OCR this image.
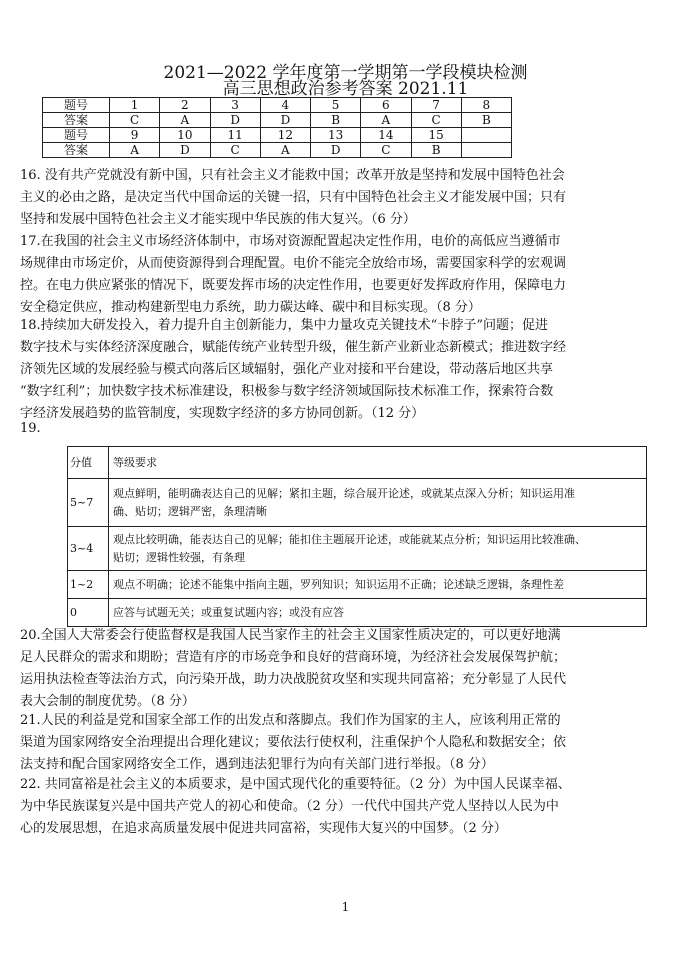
2021—2022 学年度第一学期第一学段模块检测
高三思想政治参考答案 2021.11
题号	1	2	3	4	5	6	7	8
答案	C	A	D	D	B	A	C	B
题号	9	10	11	12	13	14	15	
答案	A	D	C	A	D	C	B	
16. 没有共产党就没有新中国，只有社会主义才能救中国；改革开放是坚持和发展中国特色社会
主义的必由之路，是决定当代中国命运的关键一招，只有中国特色社会主义才能发展中国；只有
坚持和发展中国特色社会主义才能实现中华民族的伟大复兴。（6 分）
17.在我国的社会主义市场经济体制中，市场对资源配置起决定性作用，电价的高低应当遵循市
场规律由市场定价，从而使资源得到合理配置。电价不能完全放给市场，需要国家科学的宏观调
控。在电力供应紧张的情况下，既要发挥市场的决定性作用，也要更好发挥政府作用，保障电力
安全稳定供应，推动构建新型电力系统，助力碳达峰、碳中和目标实现。（8 分）
18.持续加大研发投入，着力提升自主创新能力，集中力量攻克关键技术“卡脖子”问题；促进
数字技术与实体经济深度融合，赋能传统产业转型升级，催生新产业新业态新模式；推进数字经
济领先区域的发展经验与模式向落后区域辐射，强化产业对接和平台建设，带动落后地区共享
“数字红利”；加快数字技术标准建设，积极参与数字经济领域国际技术标准工作，探索符合数
字经济发展趋势的监管制度，实现数字经济的多方协同创新。（12 分）
19.
分值	等级要求
5~7	观点鲜明，能明确表达自己的见解；紧扣主题，综合展开论述，或就某点深入分析；知识运用准
确、贴切；逻辑严密，条理清晰

3~4	观点比较明确，能表达自己的见解；能扣住主题展开论述，或能就某点分析；知识运用比较准确、
贴切；逻辑性较强，有条理

1~2	观点不明确；论述不能集中指向主题，罗列知识；知识运用不正确；论述缺乏逻辑，条理性差

0	应答与试题无关；或重复试题内容；或没有应答
20.全国人大常委会行使监督权是我国人民当家作主的社会主义国家性质决定的，可以更好地满
足人民群众的需求和期盼；营造有序的市场竞争和良好的营商环境，为经济社会发展保驾护航；
运用执法检查等法治方式，向污染开战，助力决战脱贫攻坚和实现共同富裕；充分彰显了人民代
表大会制的制度优势。（8 分）
21.人民的利益是党和国家全部工作的出发点和落脚点。我们作为国家的主人，应该利用正常的
渠道为国家网络安全治理提出合理化建议；要依法行使权利，注重保护个人隐私和数据安全；依
法支持和配合国家网络安全工作，遇到违法犯罪行为向有关部门进行举报。（8 分）
22. 共同富裕是社会主义的本质要求，是中国式现代化的重要特征。（2 分）为中国人民谋幸福、
为中华民族谋复兴是中国共产党人的初心和使命。（2 分）一代代中国共产党人坚持以人民为中
心的发展思想，在追求高质量发展中促进共同富裕，实现伟大复兴的中国梦。（2 分）
1
